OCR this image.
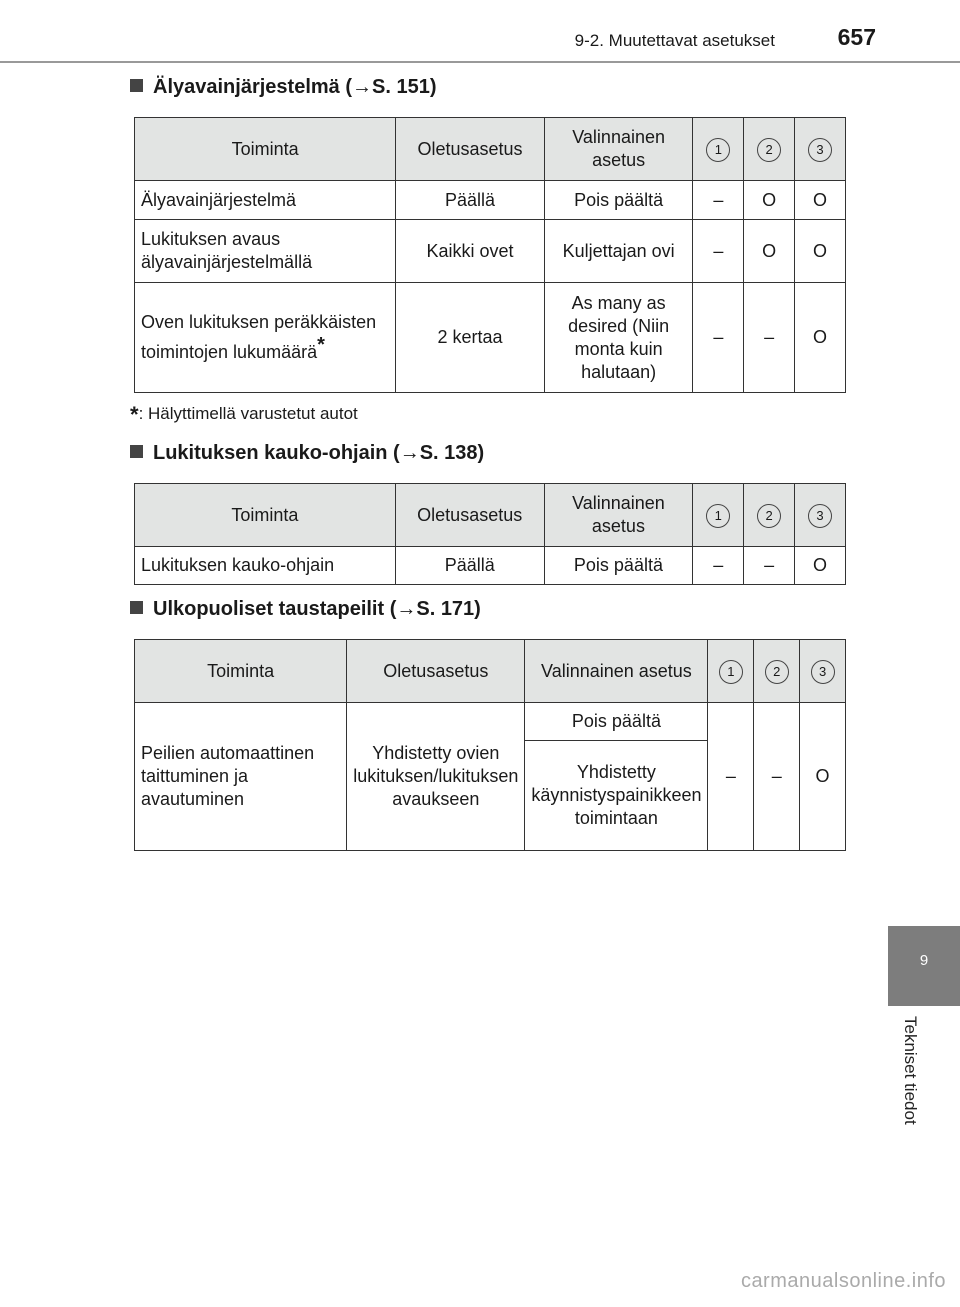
9-2. Muutettavat asetukset	657
9
Tekniset tiedot
Älyavainjärjestelmä (→S. 151)
Toiminta	Oletusasetus	Valinnainen asetus	1	2	3
Älyavainjärjestelmä	Päällä	Pois päältä	–	O	O
Lukituksen avaus älyavainjärjestelmällä	Kaikki ovet	Kuljettajan ovi	–	O	O
Oven lukituksen peräkkäisten toimintojen lukumäärä*	2 kertaa	As many as desired (Niin monta kuin halutaan)	–	–	O
*: Hälyttimellä varustetut autot
Lukituksen kauko-ohjain (→S. 138)
Toiminta	Oletusasetus	Valinnainen asetus	1	2	3
Lukituksen kauko-ohjain	Päällä	Pois päältä	–	–	O
Ulkopuoliset taustapeilit (→S. 171)
Toiminta	Oletusasetus	Valinnainen asetus	1	2	3
Peilien automaattinen taittuminen ja avautuminen	Yhdistetty ovien lukituksen/lukituksen avaukseen	Pois päältä	–	–	O
		Yhdistetty käynnistyspainikkeen toimintaan			
carmanualsonline.info
